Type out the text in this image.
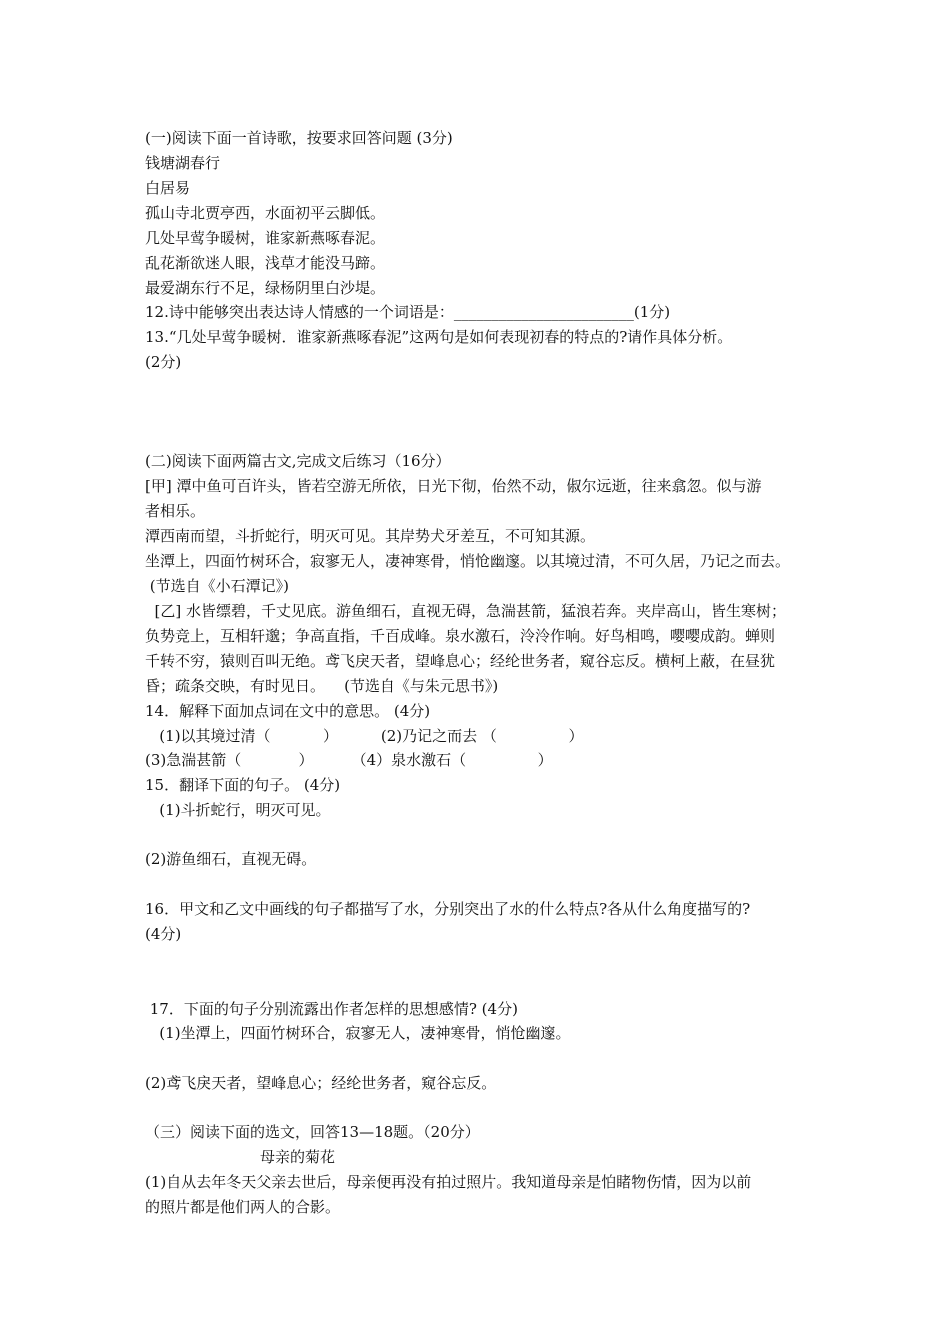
(一)阅读下面一首诗歌，按要求回答问题 (3分)
钱塘湖春行
白居易
孤山寺北贾亭西，水面初平云脚低。
几处早莺争暖树，谁家新燕啄春泥。
乱花渐欲迷人眼，浅草才能没马蹄。
最爱湖东行不足，绿杨阴里白沙堤。
12.诗中能够突出表达诗人情感的一个词语是：________________________(1分)
13.“几处早莺争暖树．谁家新燕啄春泥”这两句是如何表现初春的特点的?请作具体分析。
(2分)
(二)阅读下面两篇古文,完成文后练习（16分）
[甲] 潭中鱼可百许头，皆若空游无所依，日光下彻，佁然不动，俶尔远逝，往来翕忽。似与游
者相乐。
潭西南而望，斗折蛇行，明灭可见。其岸势犬牙差互，不可知其源。
坐潭上，四面竹树环合，寂寥无人，凄神寒骨，悄怆幽邃。以其境过清，不可久居，乃记之而去。
(节选自《小石潭记》)
[乙] 水皆缥碧，千丈见底。游鱼细石，直视无碍，急湍甚箭，猛浪若奔。夹岸高山，皆生寒树；
负势竞上，互相轩邈；争高直指，千百成峰。泉水激石，泠泠作响。好鸟相鸣，嘤嘤成韵。蝉则
千转不穷，猿则百叫无绝。鸢飞戾天者，望峰息心；经纶世务者，窥谷忘反。横柯上蔽，在昼犹
昏；疏条交映，有时见日。    (节选自《与朱元思书》)
14．解释下面加点词在文中的意思。 (4分)
(1)以其境过清（           ）         (2)乃记之而去 （               ）
(3)急湍甚箭（            ）        （4）泉水激石（               ）
15．翻译下面的句子。 (4分)
(1)斗折蛇行，明灭可见。
(2)游鱼细石，直视无碍。
16．甲文和乙文中画线的句子都描写了水，分别突出了水的什么特点?各从什么角度描写的?
(4分)
17．下面的句子分别流露出作者怎样的思想感情? (4分)
(1)坐潭上，四面竹树环合，寂寥无人，凄神寒骨，悄怆幽邃。
(2)鸢飞戾天者，望峰息心；经纶世务者，窥谷忘反。
（三）阅读下面的选文，回答13—18题。（20分）
母亲的菊花
(1)自从去年冬天父亲去世后，母亲便再没有拍过照片。我知道母亲是怕睹物伤情，因为以前
的照片都是他们两人的合影。
